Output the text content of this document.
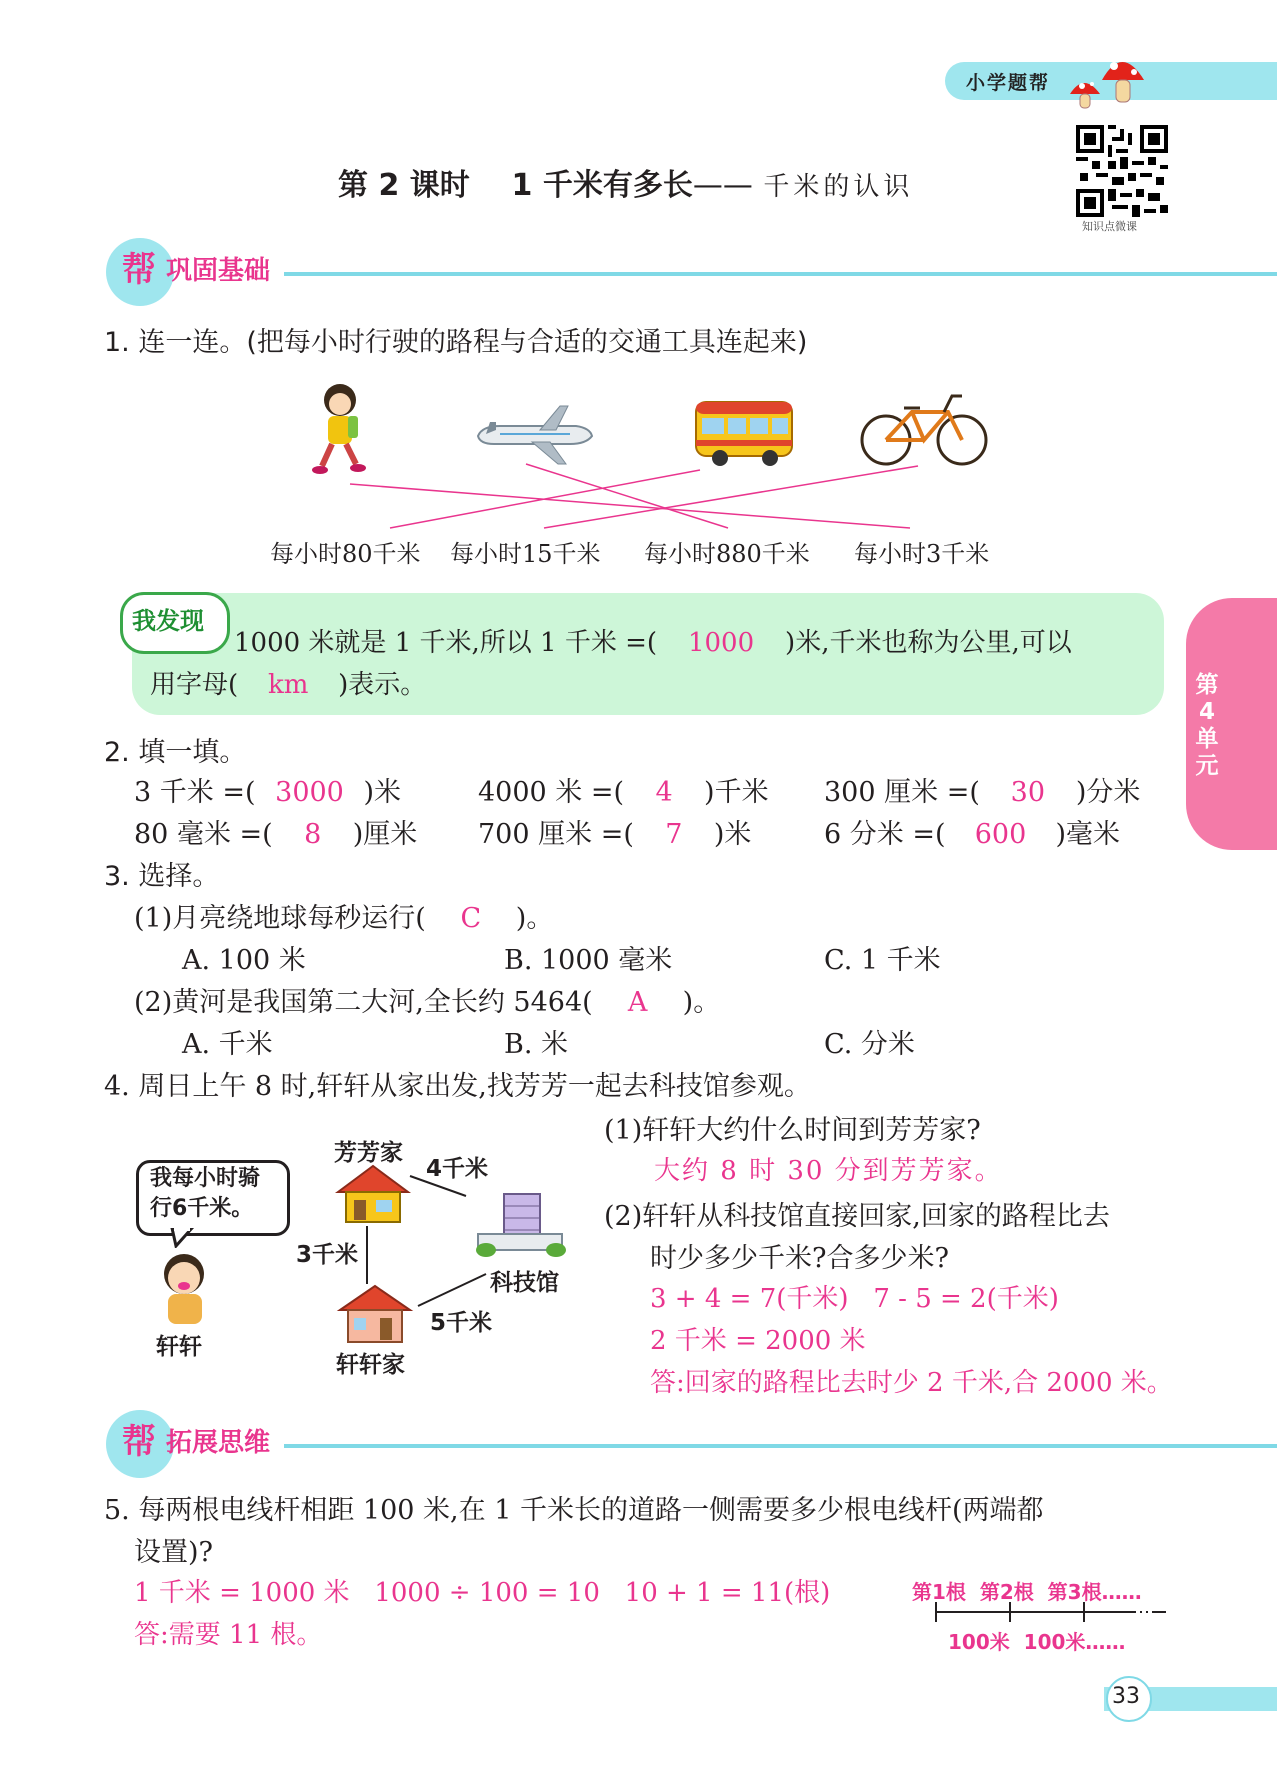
小学题帮
知识点微课
第 2 课时 1 千米有多长—— 千米的认识
帮 巩固基础
1. 连一连。(把每小时行驶的路程与合适的交通工具连起来)
每小时80千米 每小时15千米 每小时880千米 每小时3千米
我发现
1000 米就是 1 千米,所以 1 千米 =( 1000 )米,千米也称为公里,可以
用字母( km )表示。	第4单元
2. 填一填。
3 千米 =( 3000 )米	4000 米 =( 4 )千米 300 厘米 =( 30 )分米
80 毫米 =( 8 )厘米 700 厘米 =( 7 )米	6 分米 =( 600 )毫米
3. 选择。
(1)月亮绕地球每秒运行( C )。
A. 100 米	B. 1000 毫米	C. 1 千米
(2)黄河是我国第二大河,全长约 5464( A )。
A. 千米	B. 米	C. 分米
4. 周日上午 8 时,轩轩从家出发,找芳芳一起去科技馆参观。
我每小时骑
行6千米。
轩轩
芳芳家
4千米
科技馆
3千米
轩轩家
5千米
(1)轩轩大约什么时间到芳芳家?
大约 8 时 30 分到芳芳家。
(2)轩轩从科技馆直接回家,回家的路程比去
时少多少千米?合多少米?
3 + 4 = 7(千米)   7 - 5 = 2(千米)
2 千米 = 2000 米
答:回家的路程比去时少 2 千米,合 2000 米。
帮 拓展思维
5. 每两根电线杆相距 100 米,在 1 千米长的道路一侧需要多少根电线杆(两端都
设置)?
1 千米 = 1000 米   1000 ÷ 100 = 10   10 + 1 = 11(根)
答:需要 11 根。
第1根  第2根  第3根……
100米  100米……
33
